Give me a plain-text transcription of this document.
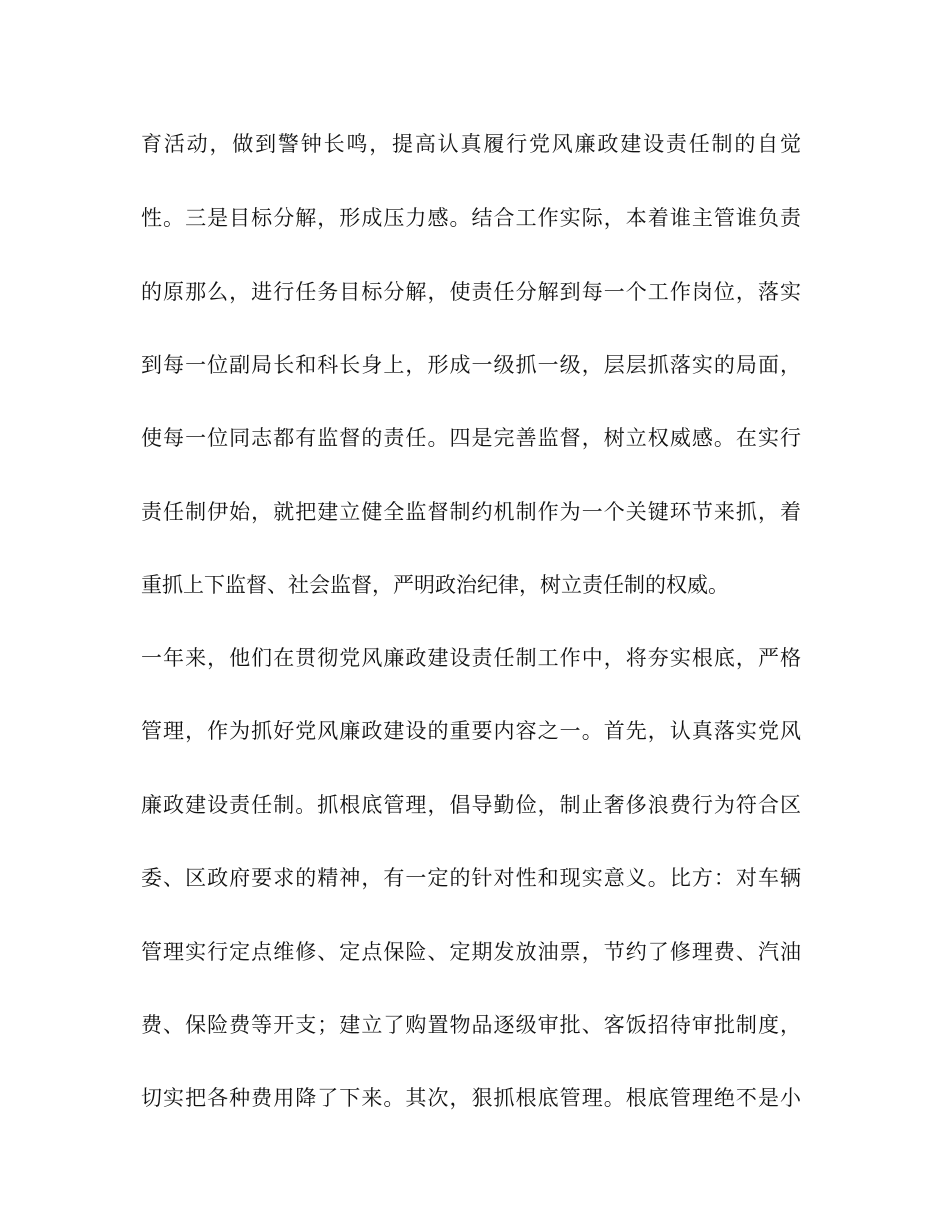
育活动，做到警钟长鸣，提高认真履行党风廉政建设责任制的自觉

性。三是目标分解，形成压力感。结合工作实际，本着谁主管谁负责

的原那么，进行任务目标分解，使责任分解到每一个工作岗位，落实

到每一位副局长和科长身上，形成一级抓一级，层层抓落实的局面，

使每一位同志都有监督的责任。四是完善监督，树立权威感。在实行

责任制伊始，就把建立健全监督制约机制作为一个关键环节来抓，着

重抓上下监督、社会监督，严明政治纪律，树立责任制的权威。

一年来，他们在贯彻党风廉政建设责任制工作中，将夯实根底，严格

管理，作为抓好党风廉政建设的重要内容之一。首先，认真落实党风

廉政建设责任制。抓根底管理，倡导勤俭，制止奢侈浪费行为符合区

委、区政府要求的精神，有一定的针对性和现实意义。比方：对车辆

管理实行定点维修、定点保险、定期发放油票，节约了修理费、汽油

费、保险费等开支；建立了购置物品逐级审批、客饭招待审批制度，

切实把各种费用降了下来。其次，狠抓根底管理。根底管理绝不是小
